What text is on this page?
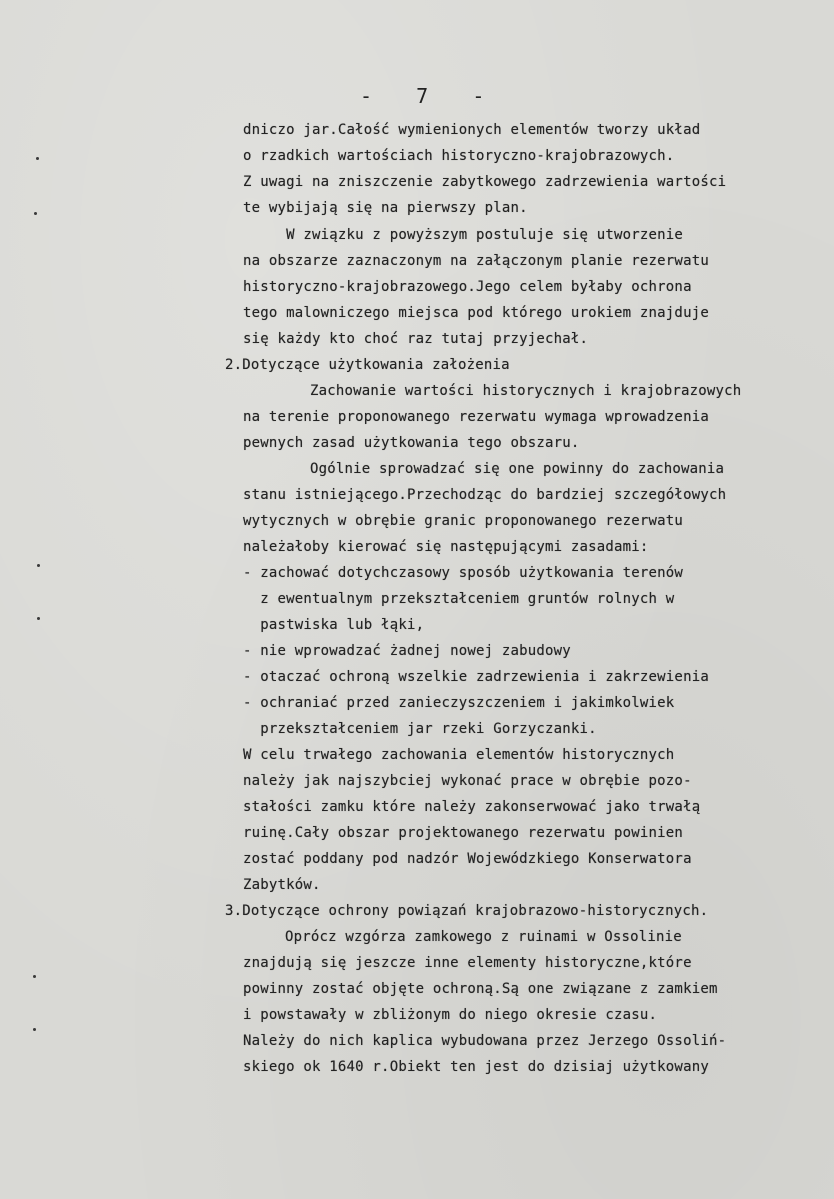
-   7   -
dniczo jar.Całość wymienionych elementów tworzy układ
o rzadkich wartościach historyczno-krajobrazowych.
Z uwagi na zniszczenie zabytkowego zadrzewienia wartości
te wybijają się na pierwszy plan.
W związku z powyższym postuluje się utworzenie
na obszarze zaznaczonym na załączonym planie rezerwatu
historyczno-krajobrazowego.Jego celem byłaby ochrona
tego malowniczego miejsca pod którego urokiem znajduje
się każdy kto choć raz tutaj przyjechał.
2.Dotyczące użytkowania założenia
Zachowanie wartości historycznych i krajobrazowych
na terenie proponowanego rezerwatu wymaga wprowadzenia
pewnych zasad użytkowania tego obszaru.
Ogólnie sprowadzać się one powinny do zachowania
stanu istniejącego.Przechodząc do bardziej szczegółowych
wytycznych w obrębie granic proponowanego rezerwatu
należałoby kierować się następującymi zasadami:
- zachować dotychczasowy sposób użytkowania terenów
z ewentualnym przekształceniem gruntów rolnych w
pastwiska lub łąki,
- nie wprowadzać żadnej nowej zabudowy
- otaczać ochroną wszelkie zadrzewienia i zakrzewienia
- ochraniać przed zanieczyszczeniem i jakimkolwiek
przekształceniem jar rzeki Gorzyczanki.
W celu trwałego zachowania elementów historycznych
należy jak najszybciej wykonać prace w obrębie pozo-
stałości zamku które należy zakonserwować jako trwałą
ruinę.Cały obszar projektowanego rezerwatu powinien
zostać poddany pod nadzór Wojewódzkiego Konserwatora
Zabytków.
3.Dotyczące ochrony powiązań krajobrazowo-historycznych.
Oprócz wzgórza zamkowego z ruinami w Ossolinie
znajdują się jeszcze inne elementy historyczne,które
powinny zostać objęte ochroną.Są one związane z zamkiem
i powstawały w zbliżonym do niego okresie czasu.
Należy do nich kaplica wybudowana przez Jerzego Ossoliń-
skiego ok 1640 r.Obiekt ten jest do dzisiaj użytkowany
